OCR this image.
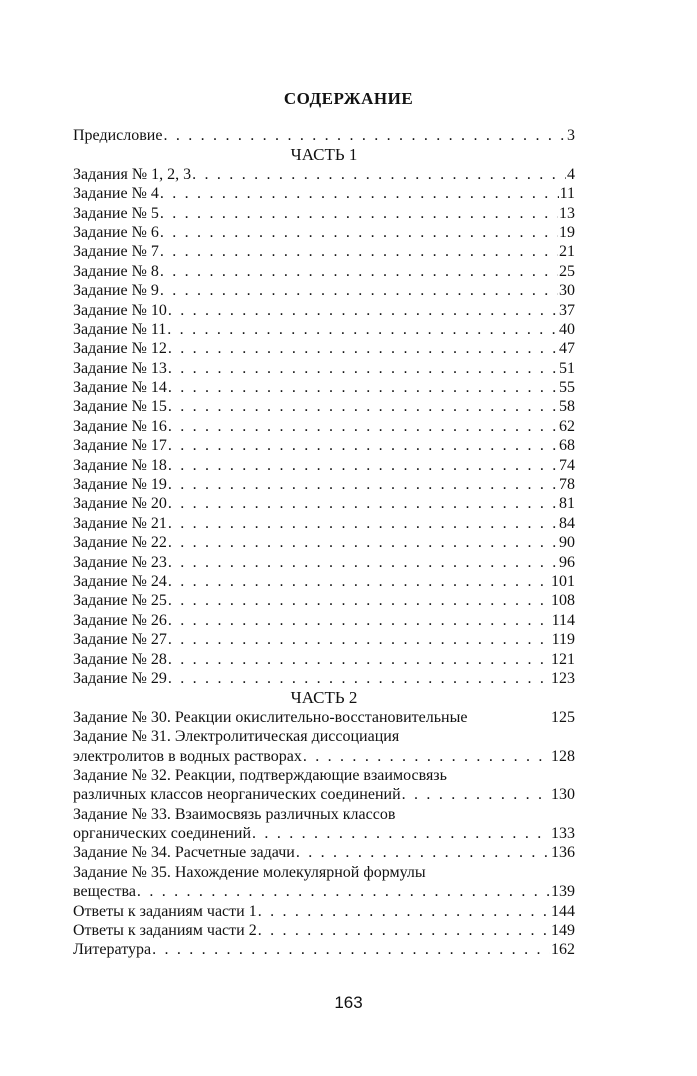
СОДЕРЖАНИЕ
Предисловие . . .	3
ЧАСТЬ 1
Задания № 1, 2, 3 . . .	4
Задание № 4 . . .	11
Задание № 5 . . .	13
Задание № 6 . . .	19
Задание № 7 . . .	21
Задание № 8 . . .	25
Задание № 9 . . .	30
Задание № 10 . . .	37
Задание № 11 . . .	40
Задание № 12 . . .	47
Задание № 13 . . .	51
Задание № 14 . . .	55
Задание № 15 . . .	58
Задание № 16 . . .	62
Задание № 17 . . .	68
Задание № 18 . . .	74
Задание № 19 . . .	78
Задание № 20 . . .	81
Задание № 21 . . .	84
Задание № 22 . . .	90
Задание № 23 . . .	96
Задание № 24 . . .	101
Задание № 25 . . .	108
Задание № 26 . . .	114
Задание № 27 . . .	119
Задание № 28 . . .	121
Задание № 29 . . .	123
ЧАСТЬ 2
Задание № 30. Реакции окислительно-восстановительные	125
Задание № 31. Электролитическая диссоциация
электролитов в водных растворах . . .	128
Задание № 32. Реакции, подтверждающие взаимосвязь
различных классов неорганических соединений . . .	130
Задание № 33. Взаимосвязь различных классов
органических соединений . . .	133
Задание № 34. Расчетные задачи . . .	136
Задание № 35. Нахождение молекулярной формулы
вещества . . .	139
Ответы к заданиям части 1 . . .	144
Ответы к заданиям части 2 . . .	149
Литература . . .	162
163
